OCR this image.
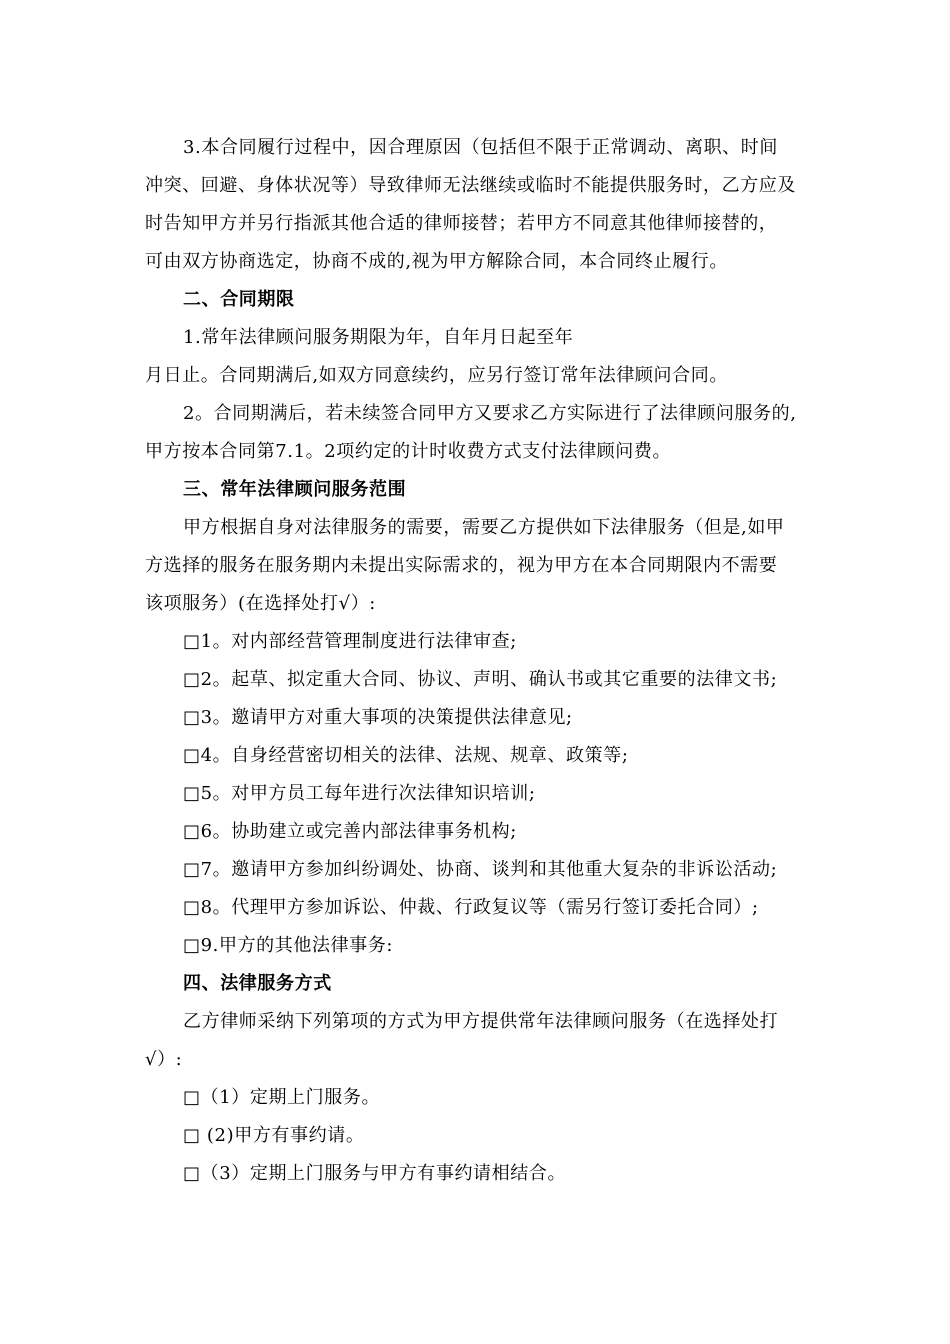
3.本合同履行过程中，因合理原因（包括但不限于正常调动、离职、时间
冲突、回避、身体状况等）导致律师无法继续或临时不能提供服务时，乙方应及
时告知甲方并另行指派其他合适的律师接替；若甲方不同意其他律师接替的，
可由双方协商选定，协商不成的,视为甲方解除合同，本合同终止履行。
二、合同期限
1.常年法律顾问服务期限为年，自年月日起至年
月日止。合同期满后,如双方同意续约，应另行签订常年法律顾问合同。
2。合同期满后，若未续签合同甲方又要求乙方实际进行了法律顾问服务的,
甲方按本合同第7.1。2项约定的计时收费方式支付法律顾问费。
三、常年法律顾问服务范围
甲方根据自身对法律服务的需要，需要乙方提供如下法律服务（但是,如甲
方选择的服务在服务期内未提出实际需求的，视为甲方在本合同期限内不需要
该项服务）(在选择处打√）:
□1。对内部经营管理制度进行法律审查;
□2。起草、拟定重大合同、协议、声明、确认书或其它重要的法律文书;
□3。邀请甲方对重大事项的决策提供法律意见;
□4。自身经营密切相关的法律、法规、规章、政策等;
□5。对甲方员工每年进行次法律知识培训;
□6。协助建立或完善内部法律事务机构;
□7。邀请甲方参加纠纷调处、协商、谈判和其他重大复杂的非诉讼活动;
□8。代理甲方参加诉讼、仲裁、行政复议等（需另行签订委托合同）;
□9.甲方的其他法律事务:
四、法律服务方式
乙方律师采纳下列第项的方式为甲方提供常年法律顾问服务（在选择处打
√）:
□（1）定期上门服务。
□ (2)甲方有事约请。
□（3）定期上门服务与甲方有事约请相结合。
